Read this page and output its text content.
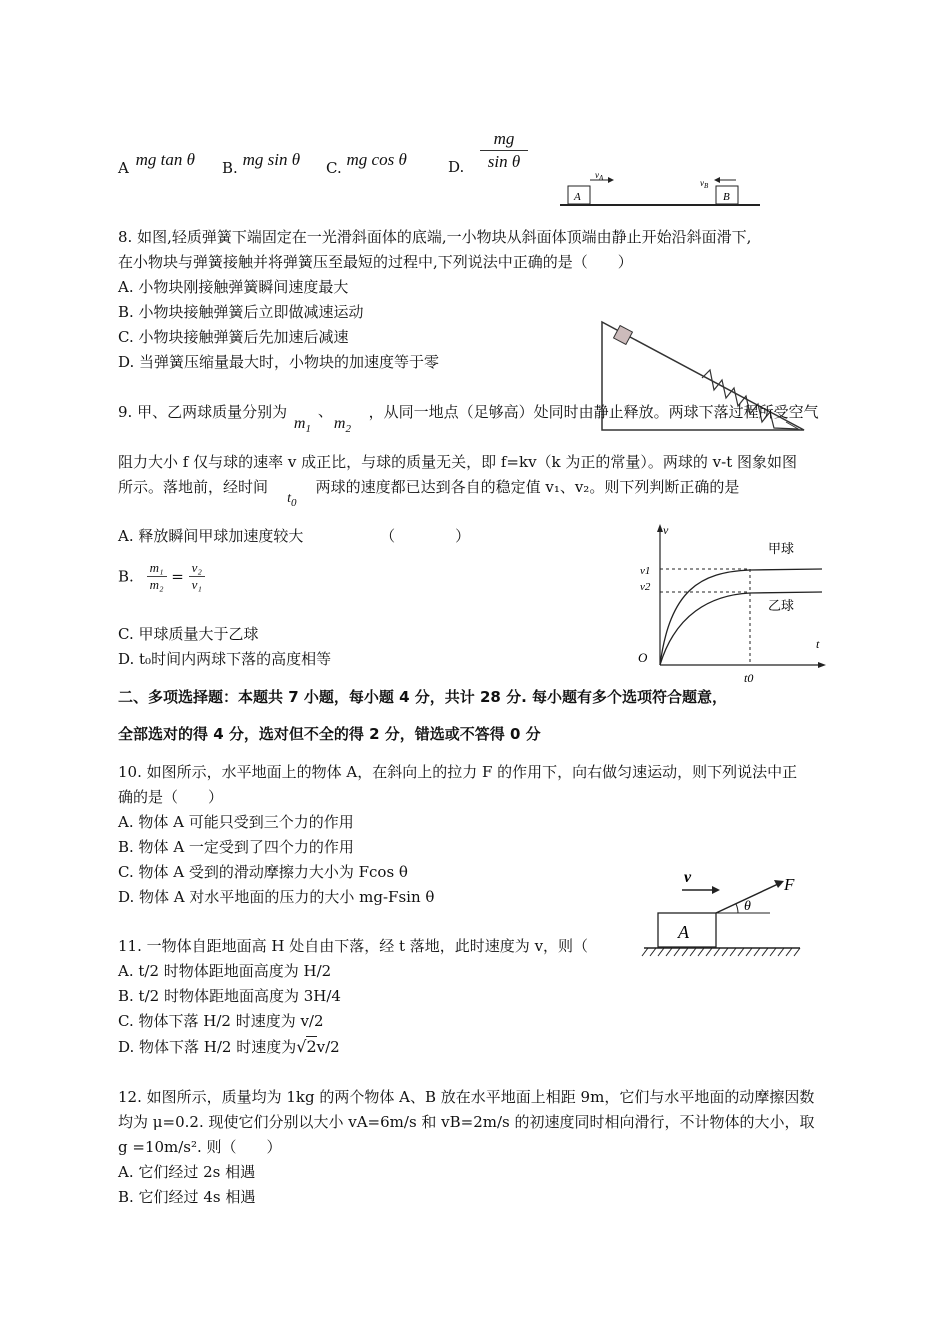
A mg tan θ B. mg sin θ C. mg cos θ	D.
mg
sin θ
A
$v_A$
B
$v_B$
8. 如图,轻质弹簧下端固定在一光滑斜面体的底端,一小物块从斜面体顶端由静止开始沿斜面滑下,
在小物块与弹簧接触并将弹簧压至最短的过程中,下列说法中正确的是（　　）
A. 小物块刚接触弹簧瞬间速度最大
B. 小物块接触弹簧后立即做减速运动
C. 小物块接触弹簧后先加速后减速
D. 当弹簧压缩量最大时，小物块的加速度等于零
9. 甲、乙两球质量分别为
$m_1$
、
$m_2$
，从同一地点（足够高）处同时由静止释放。两球下落过程所受空气
阻力大小 f 仅与球的速率 v 成正比，与球的质量无关，即 f=kv（k 为正的常量）。两球的 v-t 图象如图
所示。落地前，经时间 $t_0$ 两球的速度都已达到各自的稳定值 v₁、v₂。则下列判断正确的是
A. 释放瞬间甲球加速度较大	（　　　　）
B. $\frac{\text{m₁}}{\text{m₂}} = \frac{\text{v₂}}{\text{v₁}}$
C. 甲球质量大于乙球
D. t₀时间内两球下落的高度相等
v
t
O
v1
v2
t0
甲球
乙球
二、多项选择题：本题共 7 小题，每小题 4 分，共计 28 分. 每小题有多个选项符合题意，
全部选对的得 4 分，选对但不全的得 2 分，错选或不答得 0 分
10. 如图所示，水平地面上的物体 A，在斜向上的拉力 F 的作用下，向右做匀速运动，则下列说法中正
确的是（　　）
A. 物体 A 可能只受到三个力的作用
B. 物体 A 一定受到了四个力的作用
C. 物体 A 受到的滑动摩擦力大小为 Fcos θ
D. 物体 A 对水平地面的压力的大小 mg-Fsin θ
v
A
θ
F
11. 一物体自距地面高 H 处自由下落，经 t 落地，此时速度为 v，则（
A. t/2 时物体距地面高度为 H/2
B. t/2 时物体距地面高度为 3H/4
C. 物体下落 H/2 时速度为 v/2
D. 物体下落 H/2 时速度为√2v/2
12. 如图所示，质量均为 1kg 的两个物体 A、B 放在水平地面上相距 9m，它们与水平地面的动摩擦因数
均为 μ=0.2. 现使它们分别以大小 vA=6m/s 和 vB=2m/s 的初速度同时相向滑行，不计物体的大小，取
g =10m/s². 则（　　）
A. 它们经过 2s 相遇
B. 它们经过 4s 相遇
